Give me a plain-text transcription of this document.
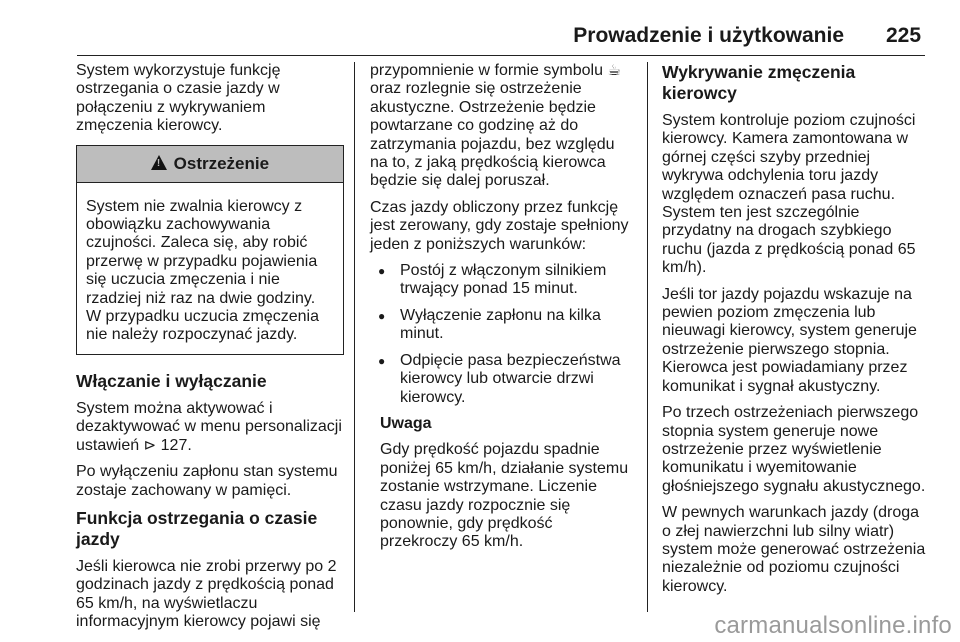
Prowadzenie i użytkowanie 225

System wykorzystuje funkcję ostrzegania o czasie jazdy w połączeniu z wykrywaniem zmęczenia kierowcy.

! Ostrzeżenie
System nie zwalnia kierowcy z obowiązku zachowywania czujności. Zaleca się, aby robić przerwę w przypadku pojawienia się uczucia zmęczenia i nie rzadziej niż raz na dwie godziny. W przypadku uczucia zmęczenia nie należy rozpoczynać jazdy.
Włączanie i wyłączanie

System można aktywować i dezaktywować w menu personalizacji ustawień ⊳ 127.

Po wyłączeniu zapłonu stan systemu zostaje zachowany w pamięci.

Funkcja ostrzegania o czasie jazdy

Jeśli kierowca nie zrobi przerwy po 2 godzinach jazdy z prędkością ponad 65 km/h, na wyświetlaczu informacyjnym kierowcy pojawi się

przypomnienie w formie symbolu ☕ oraz rozlegnie się ostrzeżenie akustyczne. Ostrzeżenie będzie powtarzane co godzinę aż do zatrzymania pojazdu, bez względu na to, z jaką prędkością kierowca będzie się dalej poruszał.

Czas jazdy obliczony przez funkcję jest zerowany, gdy zostaje spełniony jeden z poniższych warunków:

● Postój z włączonym silnikiem trwający ponad 15 minut.
● Wyłączenie zapłonu na kilka minut.
● Odpięcie pasa bezpieczeństwa kierowcy lub otwarcie drzwi kierowcy.

Uwaga

Gdy prędkość pojazdu spadnie poniżej 65 km/h, działanie systemu zostanie wstrzymane. Liczenie czasu jazdy rozpocznie się ponownie, gdy prędkość przekroczy 65 km/h.

Wykrywanie zmęczenia kierowcy

System kontroluje poziom czujności kierowcy. Kamera zamontowana w górnej części szyby przedniej wykrywa odchylenia toru jazdy względem oznaczeń pasa ruchu. System ten jest szczególnie przydatny na drogach szybkiego ruchu (jazda z prędkością ponad 65 km/h).

Jeśli tor jazdy pojazdu wskazuje na pewien poziom zmęczenia lub nieuwagi kierowcy, system generuje ostrzeżenie pierwszego stopnia. Kierowca jest powiadamiany przez komunikat i sygnał akustyczny.

Po trzech ostrzeżeniach pierwszego stopnia system generuje nowe ostrzeżenie przez wyświetlenie komunikatu i wyemitowanie głośniejszego sygnału akustycznego.

W pewnych warunkach jazdy (droga o złej nawierzchni lub silny wiatr) system może generować ostrzeżenia niezależnie od poziomu czujności kierowcy.

carmanualsonline.info
